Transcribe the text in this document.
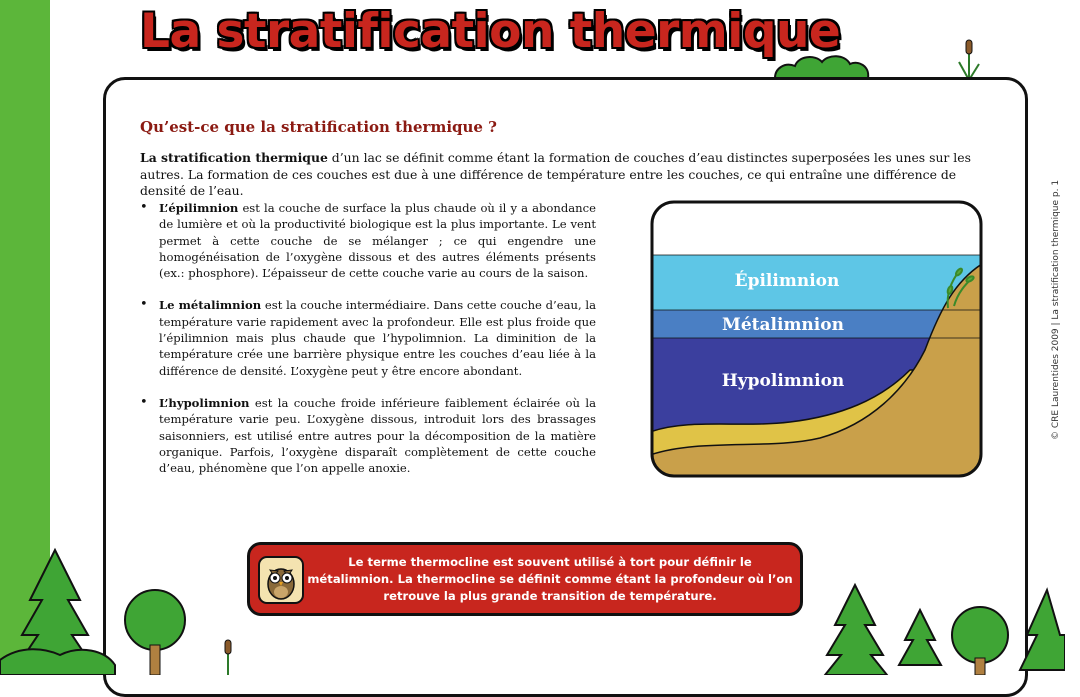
La stratification thermique
Qu’est-ce que la stratification thermique ?
La stratification thermique d’un lac se définit comme étant la formation de couches d’eau distinctes superposées les unes sur les autres. La formation de ces couches est due à une différence de température entre les couches, ce qui entraîne une différence de densité de l’eau.
• L’épilimnion est la couche de surface la plus chaude où il y a abondance de lumière et où la productivité biologique est la plus importante. Le vent permet à cette couche de se mélanger ; ce qui engendre une homogénéisation de l’oxygène dissous et des autres éléments présents (ex.: phosphore). L’épaisseur de cette couche varie au cours de la saison.
• Le métalimnion est la couche intermédiaire. Dans cette couche d’eau, la température varie rapidement avec la profondeur. Elle est plus froide que l’épilimnion mais plus chaude que l’hypolimnion. La diminition de la température crée une barrière physique entre les couches d’eau liée à la différence de densité. L’oxygène peut y être encore abondant.
• L’hypolimnion est la couche froide inférieure faiblement éclairée où la température varie peu. L’oxygène dissous, introduit lors des brassages saisonniers, est utilisé entre autres pour la décomposition de la matière organique. Parfois, l’oxygène disparaît complètement de cette couche d’eau, phénomène que l’on appelle anoxie.
Épilimnion
Métalimnion
Hypolimnion
Le terme thermocline est souvent utilisé à tort pour définir le métalimnion. La thermocline se définit comme étant la profondeur où l’on retrouve la plus grande transition de température.
© CRE Laurentides 2009 | La stratification thermique p. 1
